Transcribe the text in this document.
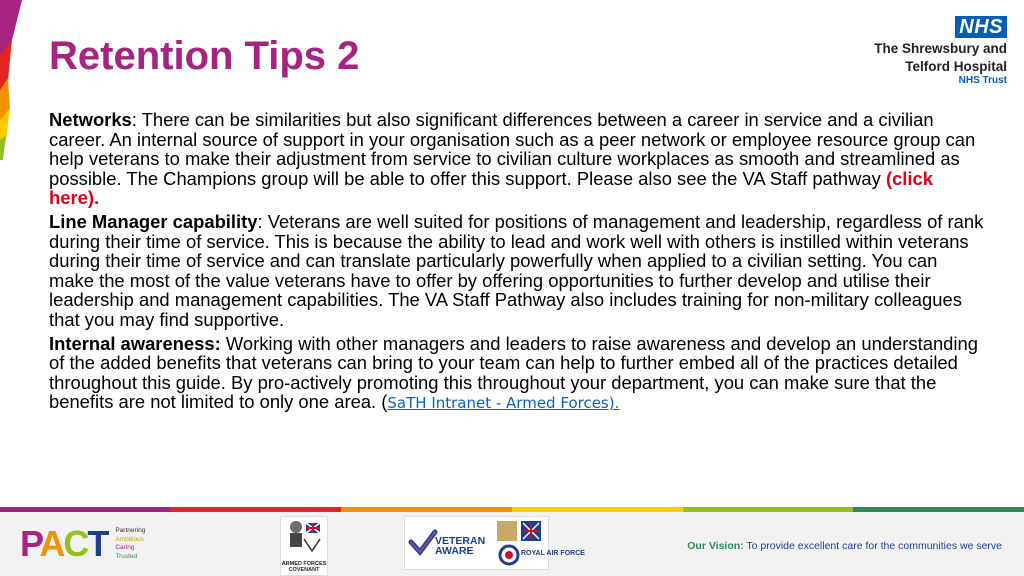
Retention Tips 2
NHS
The Shrewsbury and
Telford Hospital
NHS Trust

Networks: There can be similarities but also significant differences between a career in service and a civilian career. An internal source of support in your organisation such as a peer network or employee resource group can help veterans to make their adjustment from service to civilian culture workplaces as smooth and streamlined as possible. The Champions group will be able to offer this support. Please also see the VA Staff pathway (click here).

Line Manager capability: Veterans are well suited for positions of management and leadership, regardless of rank during their time of service. This is because the ability to lead and work well with others is instilled within veterans during their time of service and can translate particularly powerfully when applied to a civilian setting. You can make the most of the value veterans have to offer by offering opportunities to further develop and utilise their leadership and management capabilities. The VA Staff Pathway also includes training for non-military colleagues that you may find supportive.

Internal awareness: Working with other managers and leaders to raise awareness and develop an understanding of the added benefits that veterans can bring to your team can help to further embed all of the practices detailed throughout this guide. By pro-actively promoting this throughout your department, you can make sure that the benefits are not limited to only one area. (SaTH Intranet - Armed Forces).

PACT Partnering
Ambitious
Caring
Trusted
ARMED FORCES
COVENANT
VETERAN
AWARE	ROYAL AIR FORCE
Our Vision: To provide excellent care for the communities we serve
